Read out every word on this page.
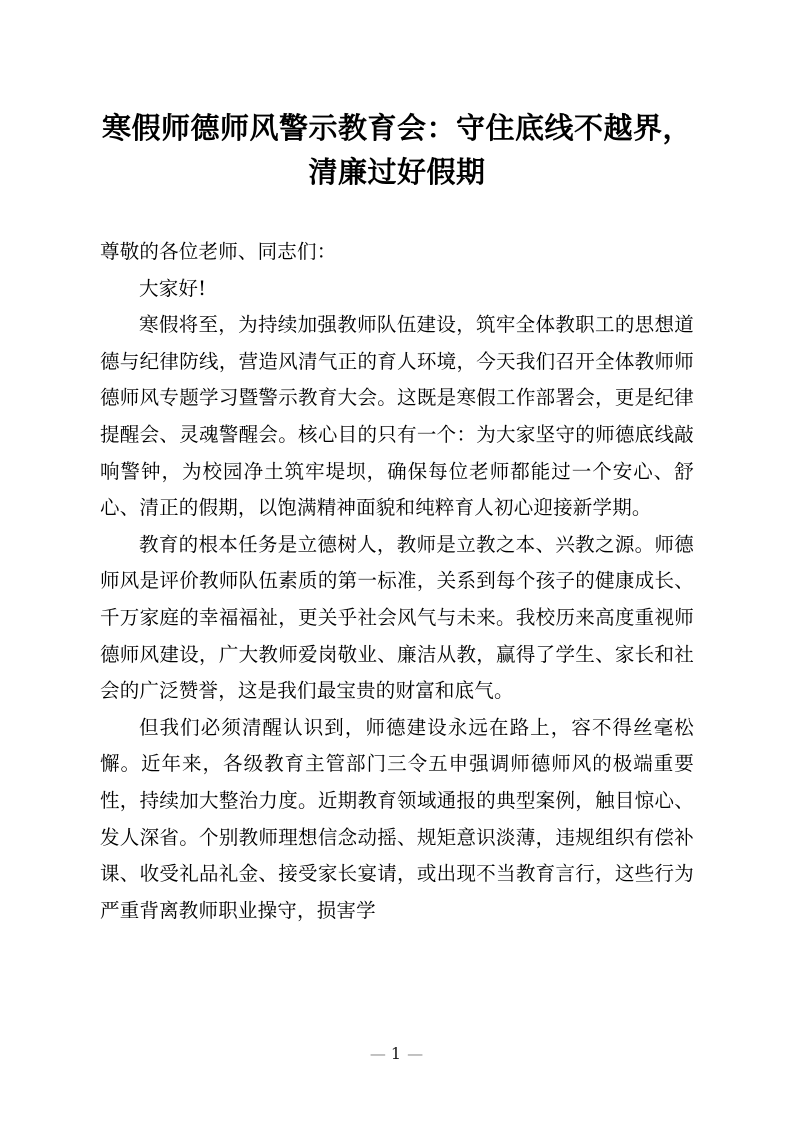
寒假师德师风警示教育会：守住底线不越界，清廉过好假期

尊敬的各位老师、同志们：

大家好!

寒假将至，为持续加强教师队伍建设，筑牢全体教职工的思想道德与纪律防线，营造风清气正的育人环境，今天我们召开全体教师师德师风专题学习暨警示教育大会。这既是寒假工作部署会，更是纪律提醒会、灵魂警醒会。核心目的只有一个：为大家坚守的师德底线敲响警钟，为校园净土筑牢堤坝，确保每位老师都能过一个安心、舒心、清正的假期，以饱满精神面貌和纯粹育人初心迎接新学期。

教育的根本任务是立德树人，教师是立教之本、兴教之源。师德师风是评价教师队伍素质的第一标准，关系到每个孩子的健康成长、千万家庭的幸福福祉，更关乎社会风气与未来。我校历来高度重视师德师风建设，广大教师爱岗敬业、廉洁从教，赢得了学生、家长和社会的广泛赞誉，这是我们最宝贵的财富和底气。

但我们必须清醒认识到，师德建设永远在路上，容不得丝毫松懈。近年来，各级教育主管部门三令五申强调师德师风的极端重要性，持续加大整治力度。近期教育领域通报的典型案例，触目惊心、发人深省。个别教师理想信念动摇、规矩意识淡薄，违规组织有偿补课、收受礼品礼金、接受家长宴请，或出现不当教育言行，这些行为严重背离教师职业操守，损害学

— 1 —
